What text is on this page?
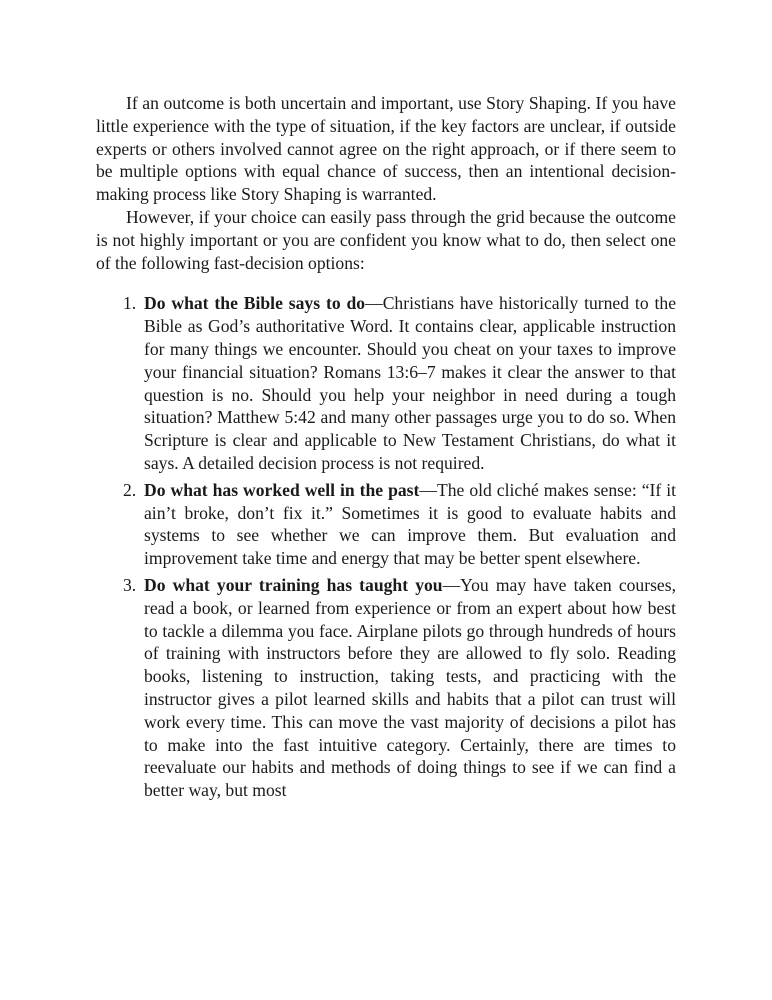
If an outcome is both uncertain and important, use Story Shaping. If you have little experience with the type of situation, if the key factors are unclear, if outside experts or others involved cannot agree on the right approach, or if there seem to be multiple options with equal chance of success, then an intentional decision-making process like Story Shaping is warranted.

However, if your choice can easily pass through the grid because the outcome is not highly important or you are confident you know what to do, then select one of the following fast-decision options:

1. Do what the Bible says to do—Christians have historically turned to the Bible as God’s authoritative Word. It contains clear, applicable instruction for many things we encounter. Should you cheat on your taxes to improve your financial situation? Romans 13:6–7 makes it clear the answer to that question is no. Should you help your neighbor in need during a tough situation? Matthew 5:42 and many other passages urge you to do so. When Scripture is clear and applicable to New Testament Christians, do what it says. A detailed decision process is not required.
2. Do what has worked well in the past—The old cliché makes sense: “If it ain’t broke, don’t fix it.” Sometimes it is good to evaluate habits and systems to see whether we can improve them. But evaluation and improvement take time and energy that may be better spent elsewhere.
3. Do what your training has taught you—You may have taken courses, read a book, or learned from experience or from an expert about how best to tackle a dilemma you face. Airplane pilots go through hundreds of hours of training with instructors before they are allowed to fly solo. Reading books, listening to instruction, taking tests, and practicing with the instructor gives a pilot learned skills and habits that a pilot can trust will work every time. This can move the vast majority of decisions a pilot has to make into the fast intuitive category. Certainly, there are times to reevaluate our habits and methods of doing things to see if we can find a better way, but most
